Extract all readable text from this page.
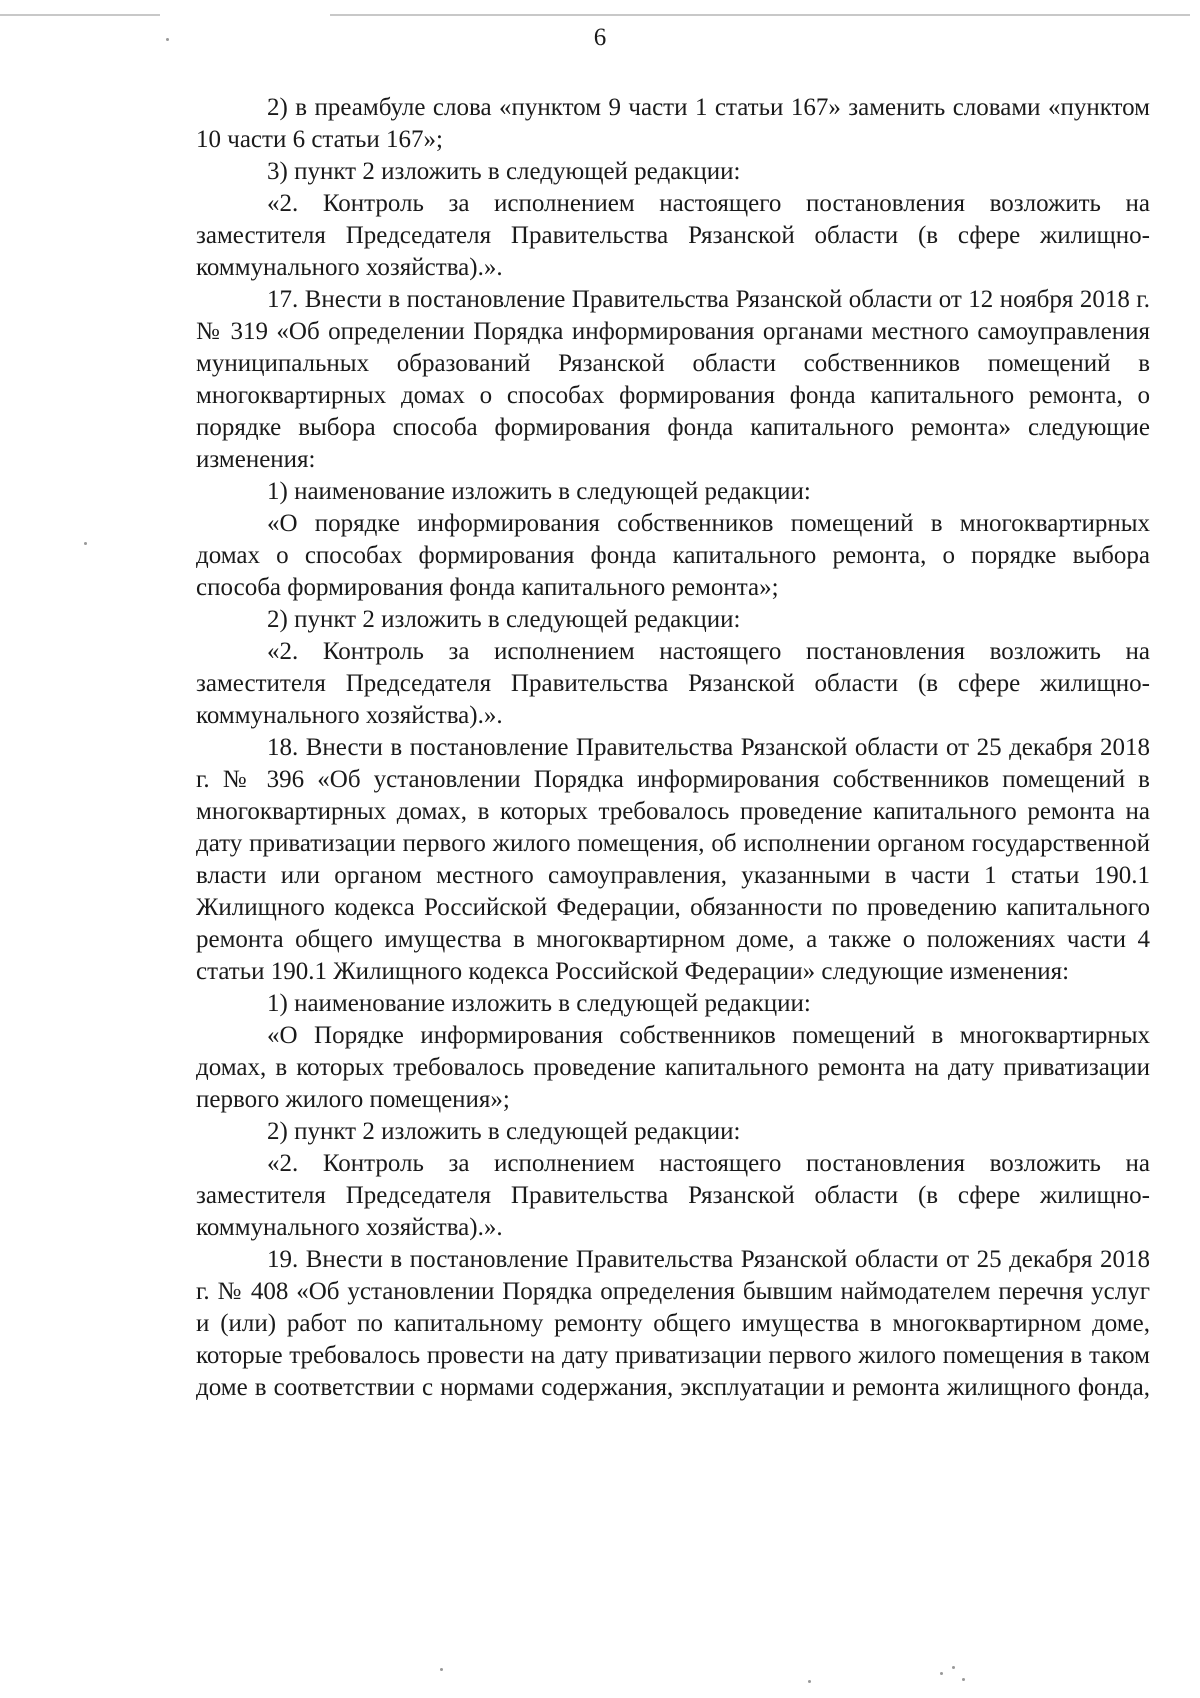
6

2) в преамбуле слова «пунктом 9 части 1 статьи 167» заменить словами «пунктом 10 части 6 статьи 167»;

3) пункт 2 изложить в следующей редакции:

«2. Контроль за исполнением настоящего постановления возложить на заместителя Председателя Правительства Рязанской области (в сфере жилищно-коммунального хозяйства).».

17. Внести в постановление Правительства Рязанской области от 12 ноября 2018 г. № 319 «Об определении Порядка информирования органами местного самоуправления муниципальных образований Рязанской области собственников помещений в многоквартирных домах о способах формирования фонда капитального ремонта, о порядке выбора способа формирования фонда капитального ремонта» следующие изменения:

1) наименование изложить в следующей редакции:

«О порядке информирования собственников помещений в многоквартирных домах о способах формирования фонда капитального ремонта, о порядке выбора способа формирования фонда капитального ремонта»;

2) пункт 2 изложить в следующей редакции:

«2. Контроль за исполнением настоящего постановления возложить на заместителя Председателя Правительства Рязанской области (в сфере жилищно-коммунального хозяйства).».

18. Внести в постановление Правительства Рязанской области от 25 декабря 2018 г. № 396 «Об установлении Порядка информирования собственников помещений в многоквартирных домах, в которых требовалось проведение капитального ремонта на дату приватизации первого жилого помещения, об исполнении органом государственной власти или органом местного самоуправления, указанными в части 1 статьи 190.1 Жилищного кодекса Российской Федерации, обязанности по проведению капитального ремонта общего имущества в многоквартирном доме, а также о положениях части 4 статьи 190.1 Жилищного кодекса Российской Федерации» следующие изменения:

1) наименование изложить в следующей редакции:

«О Порядке информирования собственников помещений в многоквартирных домах, в которых требовалось проведение капитального ремонта на дату приватизации первого жилого помещения»;

2) пункт 2 изложить в следующей редакции:

«2. Контроль за исполнением настоящего постановления возложить на заместителя Председателя Правительства Рязанской области (в сфере жилищно-коммунального хозяйства).».

19. Внести в постановление Правительства Рязанской области от 25 декабря 2018 г. № 408 «Об установлении Порядка определения бывшим наймодателем перечня услуг и (или) работ по капитальному ремонту общего имущества в многоквартирном доме, которые требовалось провести на дату приватизации первого жилого помещения в таком доме в соответствии с нормами содержания, эксплуатации и ремонта жилищного фонда,
